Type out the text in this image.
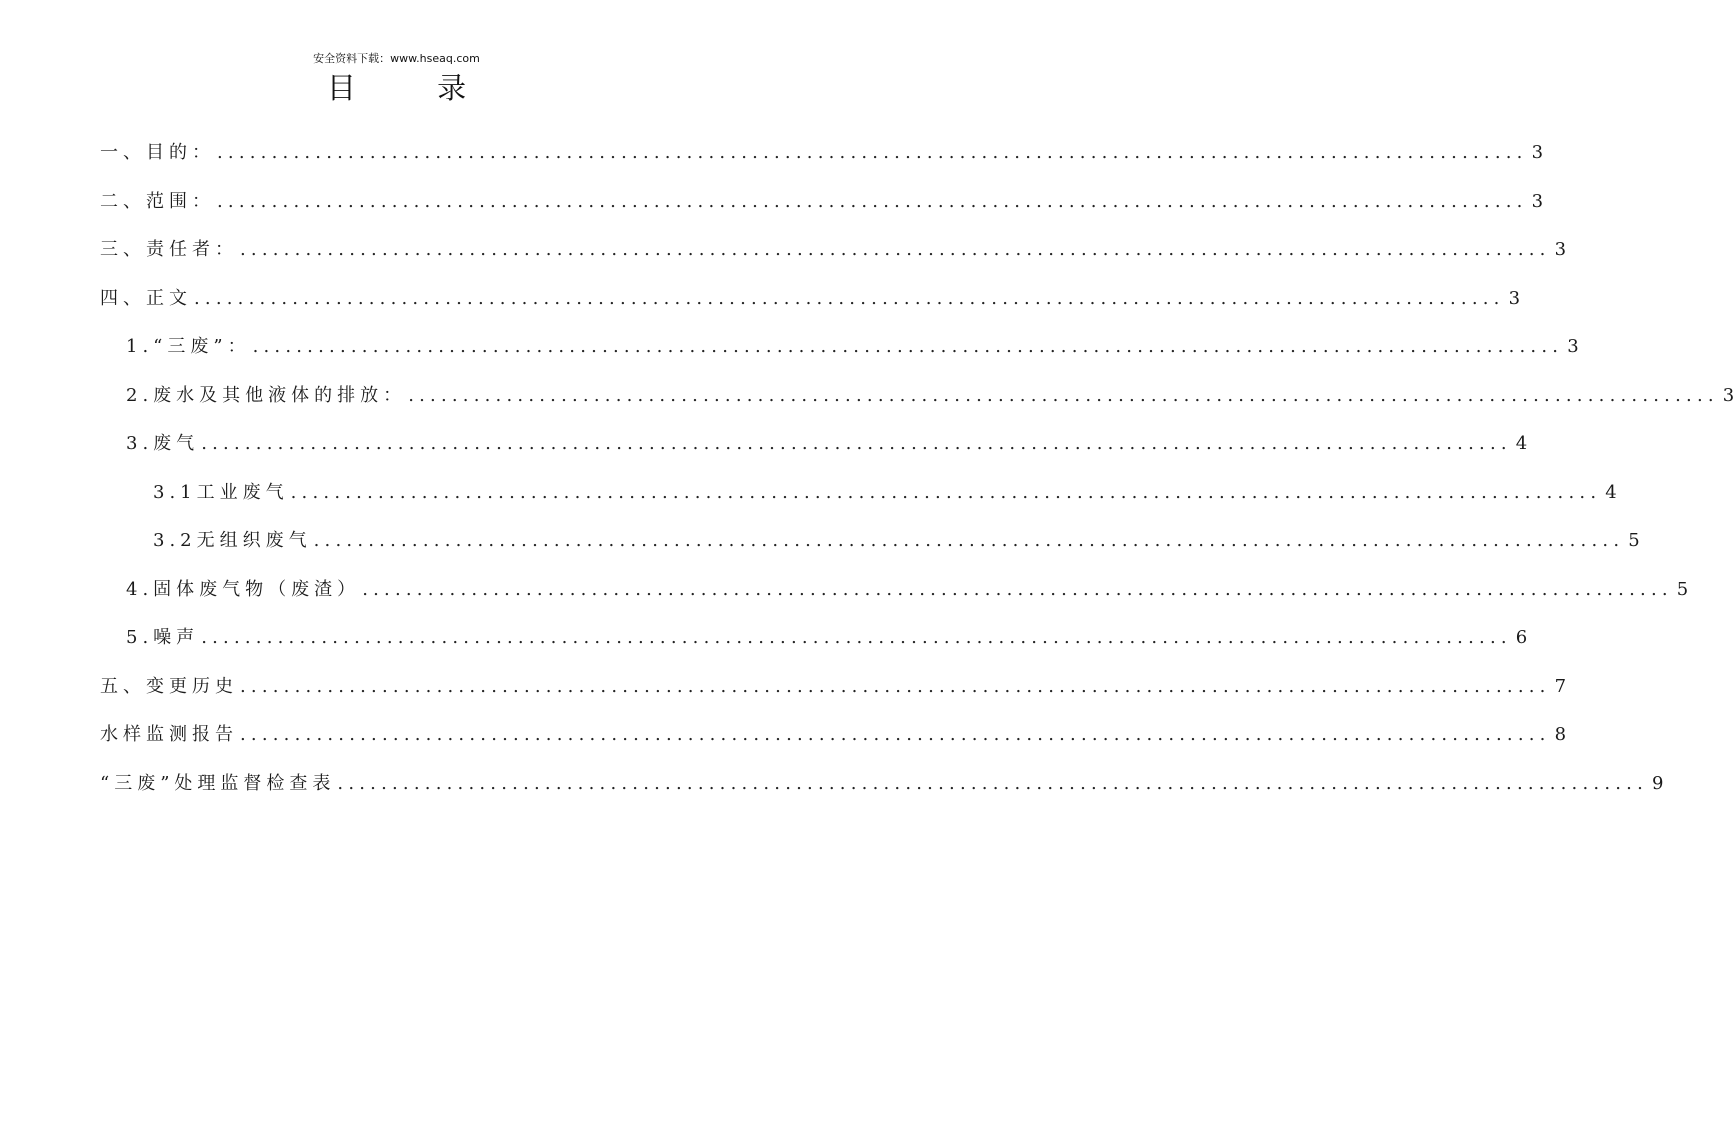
安全资料下载：www.hseaq.com
目 录
一、目的： ........................................................................................................................ 3
二、范围： ........................................................................................................................ 3
三、责任者： ........................................................................................................................ 3
四、正文 ........................................................................................................................ 3
1.“三废”： ........................................................................................................................ 3
2.废水及其他液体的排放： ........................................................................................................................ 3
3.废气 ........................................................................................................................ 4
3.1工业废气 ........................................................................................................................ 4
3.2无组织废气 ........................................................................................................................ 5
4.固体废气物（废渣） ........................................................................................................................ 5
5.噪声 ........................................................................................................................ 6
五、变更历史 ........................................................................................................................ 7
水样监测报告 ........................................................................................................................ 8
“三废”处理监督检查表 ........................................................................................................................ 9
